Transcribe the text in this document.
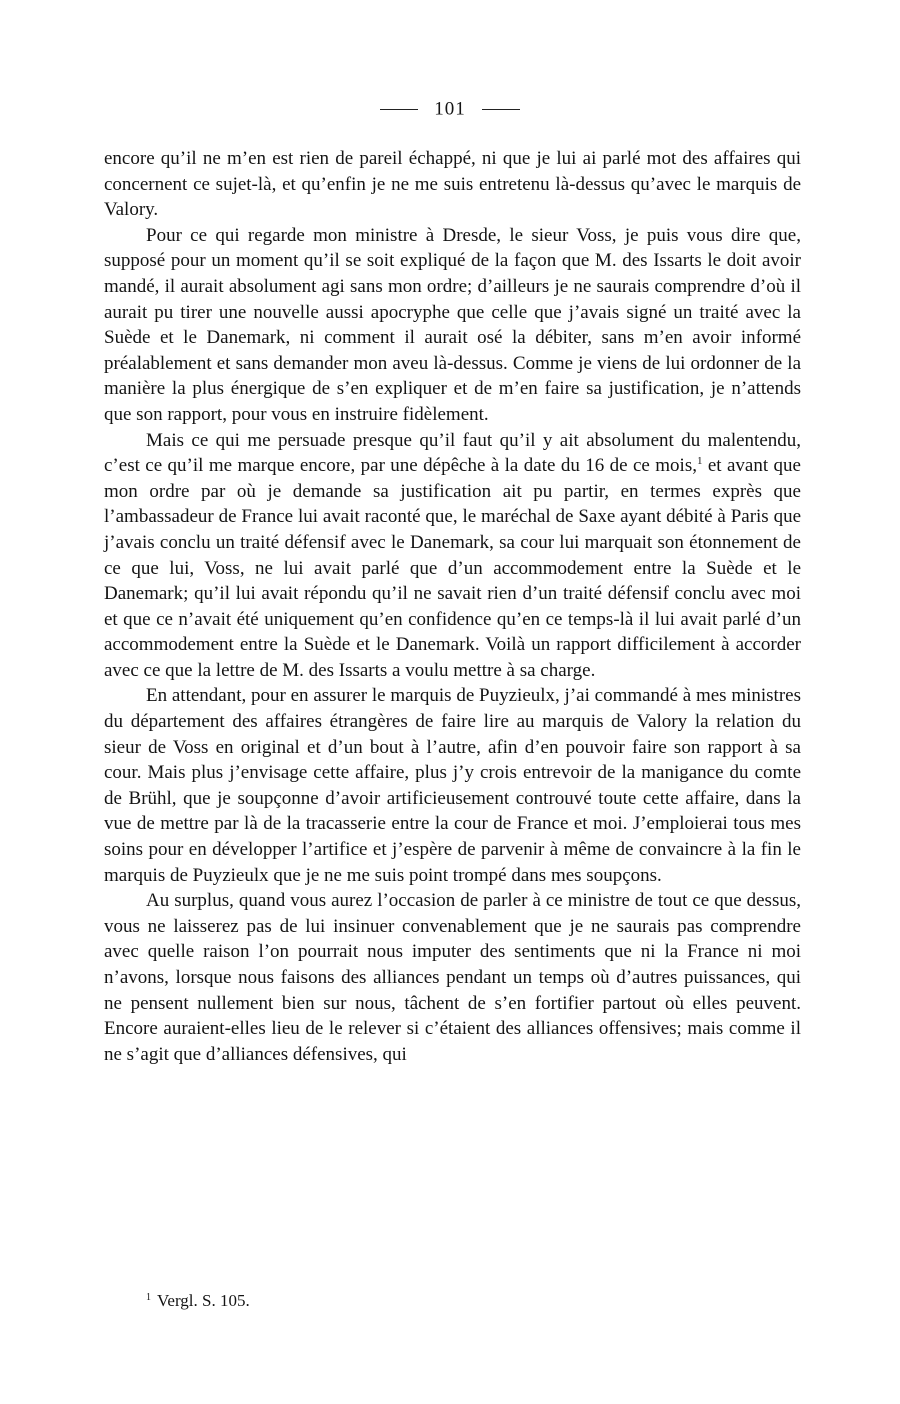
101

encore qu’il ne m’en est rien de pareil échappé, ni que je lui ai parlé mot des affaires qui concernent ce sujet-là, et qu’enfin je ne me suis entretenu là-dessus qu’avec le marquis de Valory.

Pour ce qui regarde mon ministre à Dresde, le sieur Voss, je puis vous dire que, supposé pour un moment qu’il se soit expliqué de la façon que M. des Issarts le doit avoir mandé, il aurait absolument agi sans mon ordre; d’ailleurs je ne saurais comprendre d’où il aurait pu tirer une nouvelle aussi apocryphe que celle que j’avais signé un traité avec la Suède et le Danemark, ni comment il aurait osé la débiter, sans m’en avoir informé préalablement et sans demander mon aveu là-dessus. Comme je viens de lui ordonner de la manière la plus énergique de s’en expliquer et de m’en faire sa justification, je n’attends que son rapport, pour vous en instruire fidèlement.

Mais ce qui me persuade presque qu’il faut qu’il y ait absolument du malentendu, c’est ce qu’il me marque encore, par une dépêche à la date du 16 de ce mois,$^1$ et avant que mon ordre par où je demande sa justification ait pu partir, en termes exprès que l’ambassadeur de France lui avait raconté que, le maréchal de Saxe ayant débité à Paris que j’avais conclu un traité défensif avec le Danemark, sa cour lui marquait son étonnement de ce que lui, Voss, ne lui avait parlé que d’un accommodement entre la Suède et le Danemark; qu’il lui avait répondu qu’il ne savait rien d’un traité défensif conclu avec moi et que ce n’avait été uniquement qu’en confidence qu’en ce temps-là il lui avait parlé d’un accommodement entre la Suède et le Danemark. Voilà un rapport difficilement à accorder avec ce que la lettre de M. des Issarts a voulu mettre à sa charge.

En attendant, pour en assurer le marquis de Puyzieulx, j’ai commandé à mes ministres du département des affaires étrangères de faire lire au marquis de Valory la relation du sieur de Voss en original et d’un bout à l’autre, afin d’en pouvoir faire son rapport à sa cour. Mais plus j’envisage cette affaire, plus j’y crois entrevoir de la manigance du comte de Brühl, que je soupçonne d’avoir artificieusement controuvé toute cette affaire, dans la vue de mettre par là de la tracasserie entre la cour de France et moi. J’emploierai tous mes soins pour en développer l’artifice et j’espère de parvenir à même de convaincre à la fin le marquis de Puyzieulx que je ne me suis point trompé dans mes soupçons.

Au surplus, quand vous aurez l’occasion de parler à ce ministre de tout ce que dessus, vous ne laisserez pas de lui insinuer convenablement que je ne saurais pas comprendre avec quelle raison l’on pourrait nous imputer des sentiments que ni la France ni moi n’avons, lorsque nous faisons des alliances pendant un temps où d’autres puissances, qui ne pensent nullement bien sur nous, tâchent de s’en fortifier partout où elles peuvent. Encore auraient-elles lieu de le relever si c’étaient des alliances offensives; mais comme il ne s’agit que d’alliances défensives, qui

$^1$ Vergl. S. 105.
